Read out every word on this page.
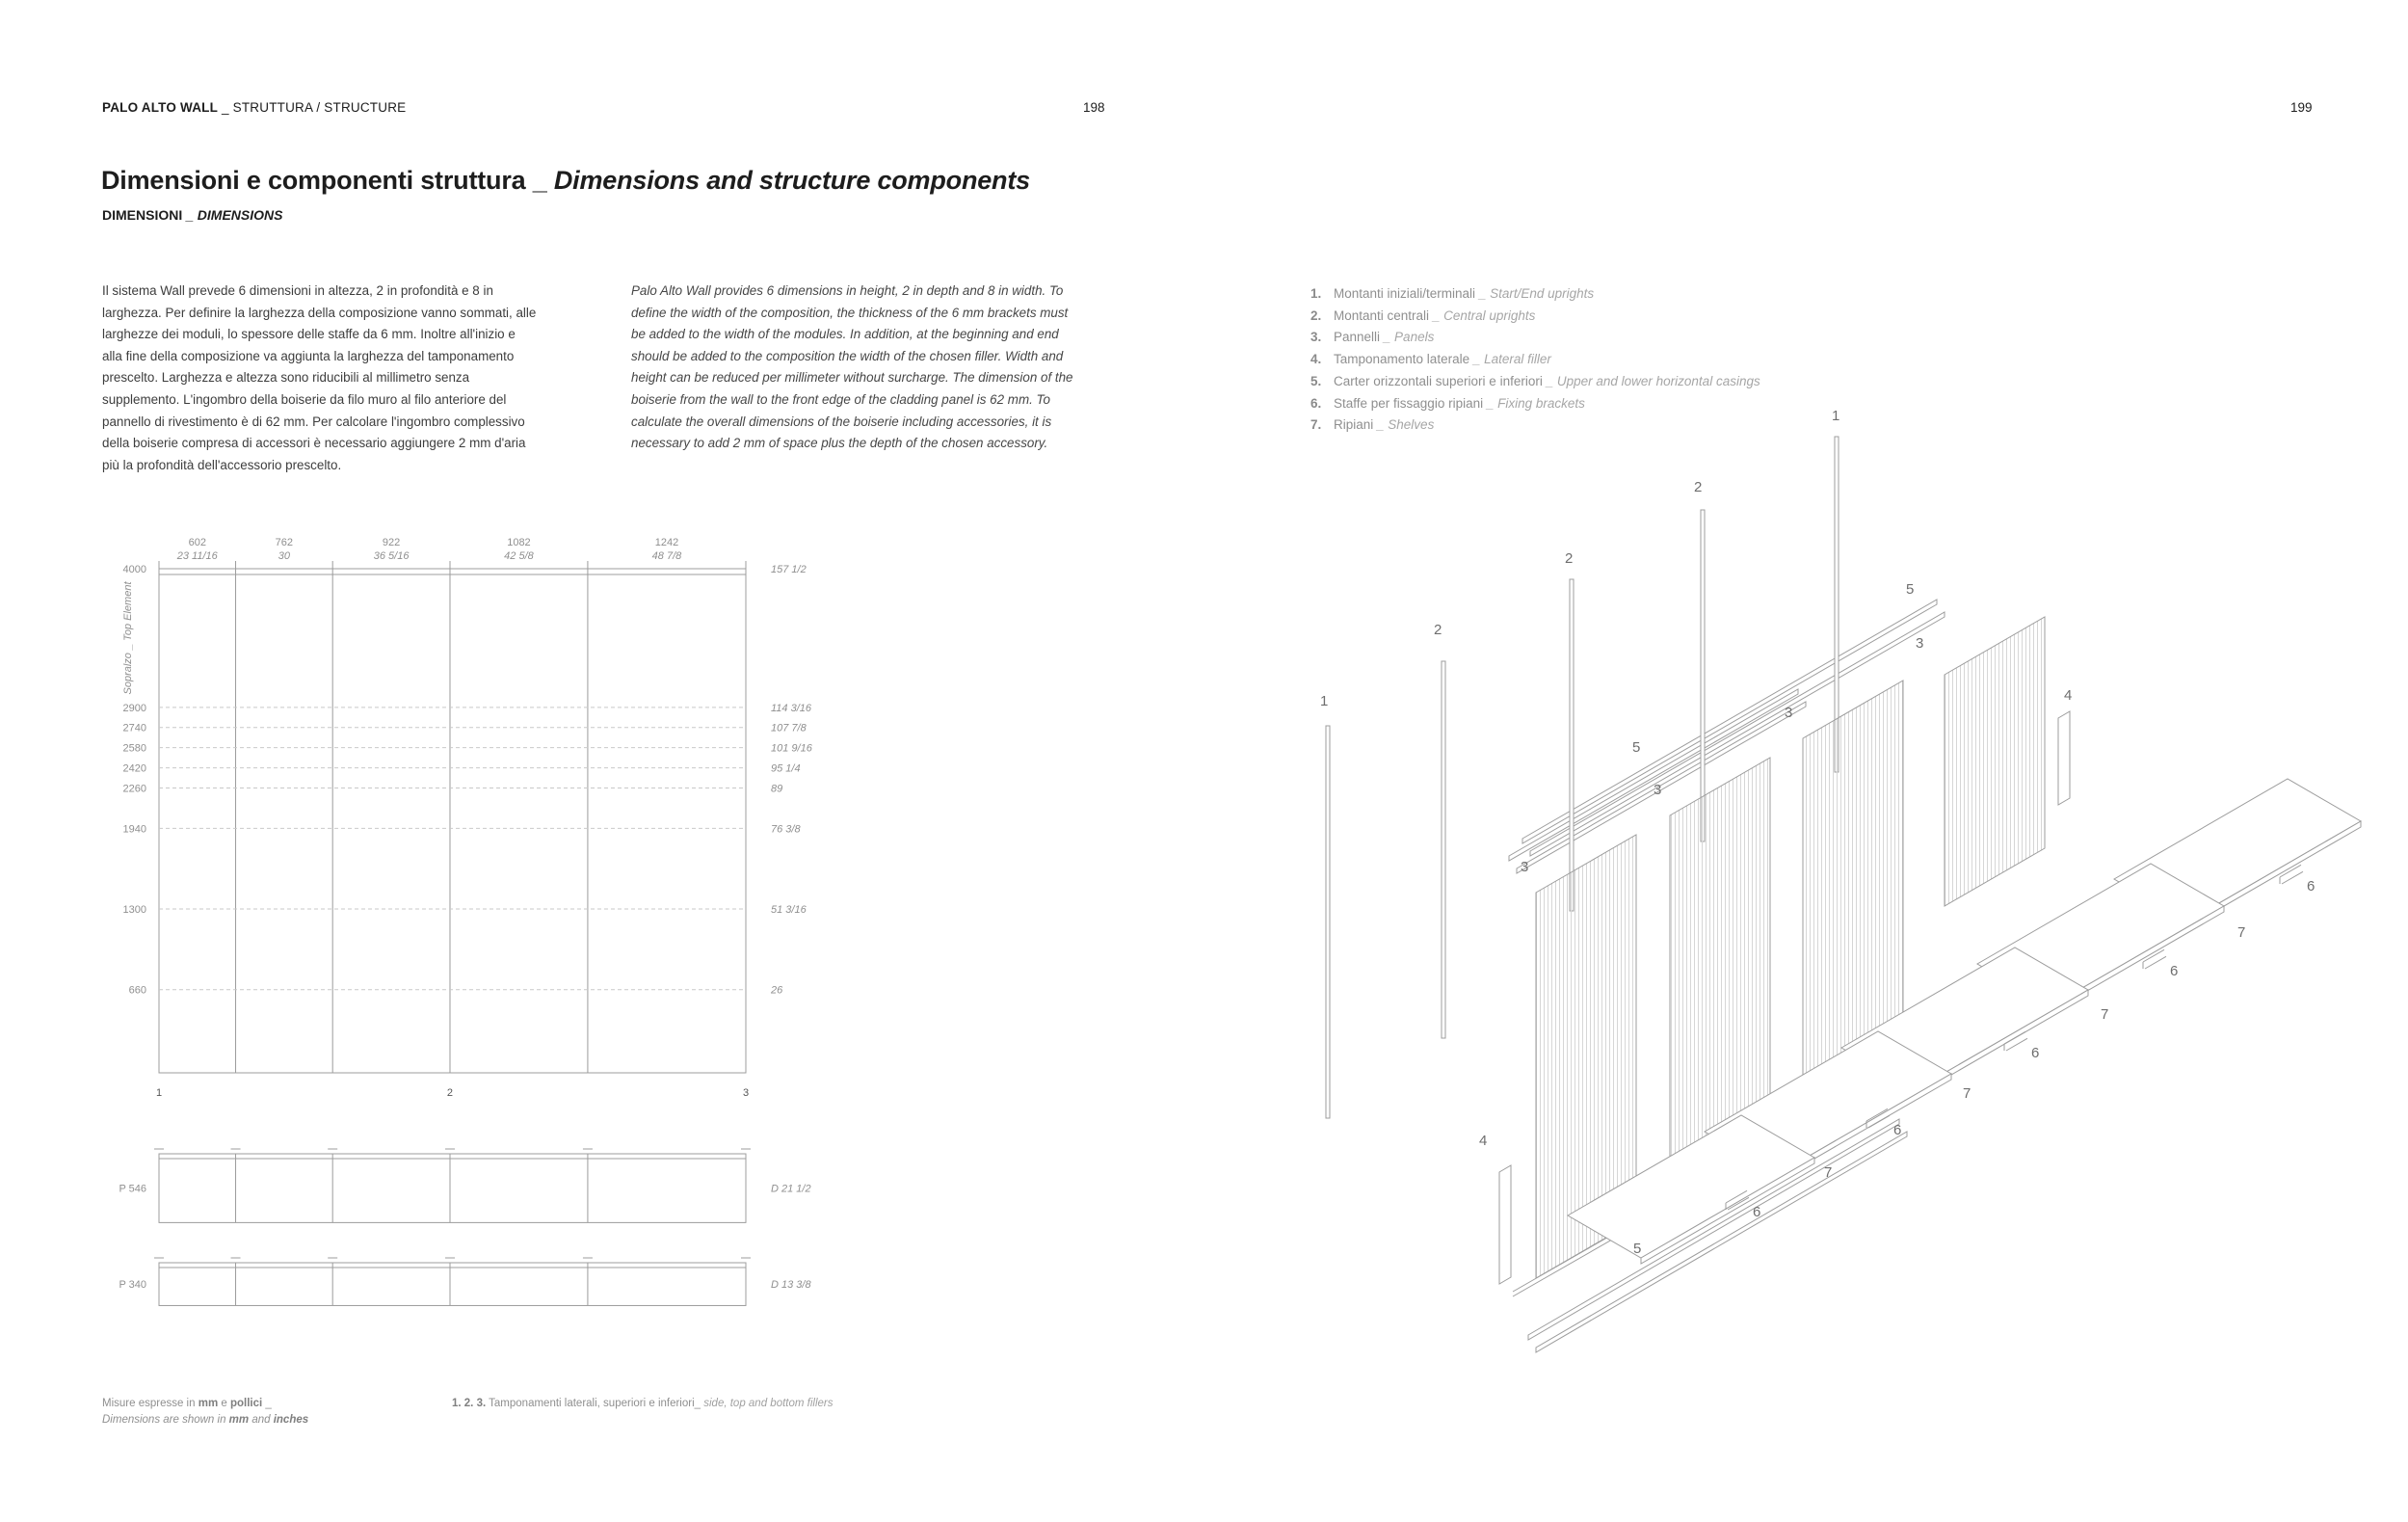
PALO ALTO WALL _ STRUTTURA / STRUCTURE	198	199
Dimensioni e componenti struttura _ Dimensions and structure components
DIMENSIONI _ DIMENSIONS

Il sistema Wall prevede 6 dimensioni in altezza, 2 in profondità e 8 in larghezza. Per definire la larghezza della composizione vanno sommati, alle larghezze dei moduli, lo spessore delle staffe da 6 mm. Inoltre all'inizio e alla fine della composizione va aggiunta la larghezza del tamponamento prescelto. Larghezza e altezza sono riducibili al millimetro senza supplemento. L'ingombro della boiserie da filo muro al filo anteriore del pannello di rivestimento è di 62 mm. Per calcolare l'ingombro complessivo della boiserie compresa di accessori è necessario aggiungere 2 mm d'aria più la profondità dell'accessorio prescelto.

Palo Alto Wall provides 6 dimensions in height, 2 in depth and 8 in width. To define the width of the composition, the thickness of the 6 mm brackets must be added to the width of the modules. In addition, at the beginning and end should be added to the composition the width of the chosen filler. Width and height can be reduced per millimeter without surcharge. The dimension of the boiserie from the wall to the front edge of the cladding panel is 62 mm. To calculate the overall dimensions of the boiserie including accessories, it is necessary to add 2 mm of space plus the depth of the chosen accessory.

1. Montanti iniziali/terminali _ Start/End uprights
2. Montanti centrali _ Central uprights
3. Pannelli _ Panels
4. Tamponamento laterale _ Lateral filler
5. Carter orizzontali superiori e inferiori _ Upper and lower horizontal casings
6. Staffe per fissaggio ripiani _ Fixing brackets
7. Ripiani _ Shelves
602
23 11/16
762
30
922
36 5/16
1082
42 5/8
1242
48 7/8
4000	157 1/2
2900	114 3/16
2740	107 7/8
2580	101 9/16
2420	95 1/4
2260	89
1940	76 3/8
1300	51 3/16
660	26
Sopralzo _ Top Element
1	2	3
P 546	D 21 1/2
P 340	D 13 3/8
1
2
2
2
1
5
3
4
3
5
3
3
6
7
6
7
6
7
6
7
6
4
5

Misure espresse in mm e pollici _

Dimensions are shown in mm and inches

1. 2. 3. Tamponamenti laterali, superiori e inferiori_ side, top and bottom fillers
